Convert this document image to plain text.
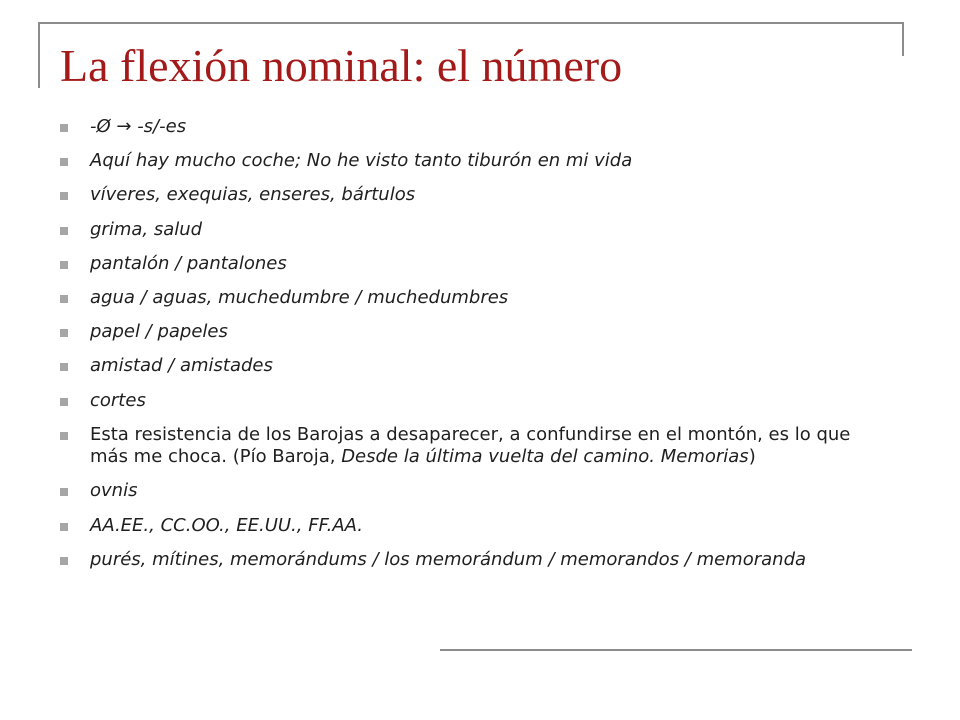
La flexión nominal: el número
-Ø → -s/-es
Aquí hay mucho coche; No he visto tanto tiburón en mi vida
víveres, exequias, enseres, bártulos
grima, salud
pantalón / pantalones
agua / aguas, muchedumbre / muchedumbres
papel / papeles
amistad / amistades
cortes
Esta resistencia de los Barojas a desaparecer, a confundirse en el montón, es lo que más me choca. (Pío Baroja, Desde la última vuelta del camino. Memorias)
ovnis
AA.EE., CC.OO., EE.UU., FF.AA.
purés, mítines, memorándums / los memorándum / memorandos / memoranda
